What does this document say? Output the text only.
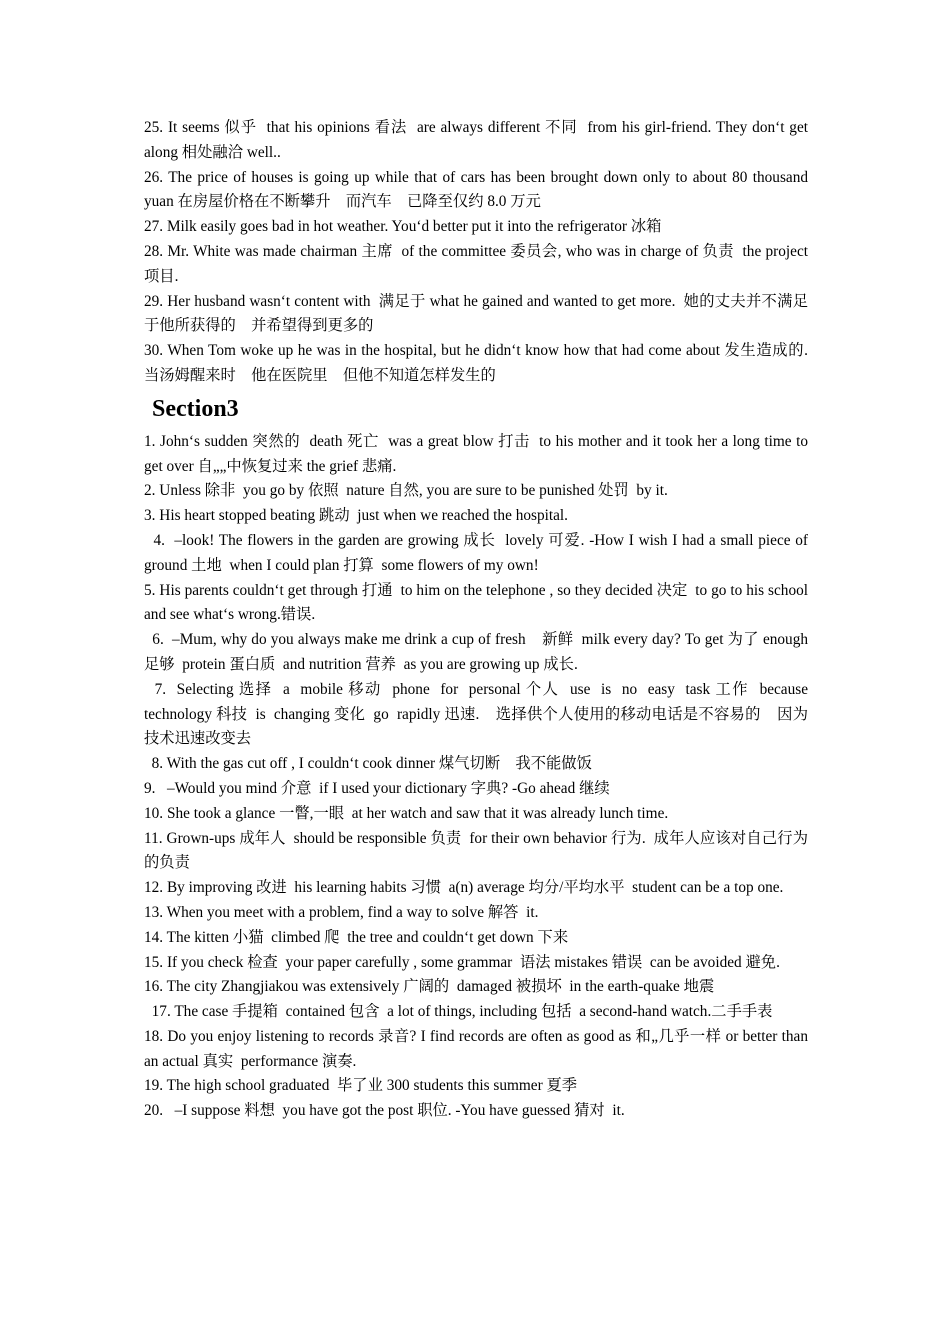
25. It seems 似乎  that his opinions 看法  are always different 不同  from his girl-friend. They don‘t get along 相处融洽 well..
26. The price of houses is going up while that of cars has been brought down only to about 80 thousand yuan 在房屋价格在不断攀升    而汽车    已降至仅约 8.0 万元
27. Milk easily goes bad in hot weather. You‘d better put it into the refrigerator 冰箱
28. Mr. White was made chairman 主席  of the committee 委员会, who was in charge of 负责  the project 项目.
29. Her husband wasn‘t content with  满足于 what he gained and wanted to get more.  她的丈夫并不满足于他所获得的    并希望得到更多的
30. When Tom woke up he was in the hospital, but he didn‘t know how that had come about 发生造成的. 当汤姆醒来时    他在医院里    但他不知道怎样发生的
Section3
1. John‘s sudden 突然的  death 死亡  was a great blow 打击  to his mother and it took her a long time to get over 自„„中恢复过来 the grief 悲痛.
2. Unless 除非  you go by 依照  nature 自然, you are sure to be punished 处罚  by it.
3. His heart stopped beating 跳动  just when we reached the hospital.
4.  –look! The flowers in the garden are growing 成长  lovely 可爱. -How I wish I had a small piece of ground 土地  when I could plan 打算  some flowers of my own!
5. His parents couldn‘t get through 打通  to him on the telephone , so they decided 决定  to go to his school and see what‘s wrong.错误.
6.  –Mum, why do you always make me drink a cup of fresh    新鲜  milk every day? To get 为了 enough 足够  protein 蛋白质  and nutrition 营养  as you are growing up 成长.
7.  Selecting 选择  a  mobile 移动  phone  for  personal 个人  use  is  no  easy  task 工作  because technology 科技  is  changing 变化  go  rapidly 迅速.    选择供个人使用的移动电话是不容易的    因为技术迅速改变去
8. With the gas cut off , I couldn‘t cook dinner 煤气切断    我不能做饭
9.   –Would you mind 介意  if I used your dictionary 字典? -Go ahead 继续
10. She took a glance 一瞥,一眼  at her watch and saw that it was already lunch time.
11. Grown-ups 成年人  should be responsible 负责  for their own behavior 行为.  成年人应该对自己行为的负责
12. By improving 改进  his learning habits 习惯  a(n) average 均分/平均水平  student can be a top one.
13. When you meet with a problem, find a way to solve 解答  it.
14. The kitten 小猫  climbed 爬  the tree and couldn‘t get down 下来
15. If you check 检查  your paper carefully , some grammar  语法 mistakes 错误  can be avoided 避免.
16. The city Zhangjiakou was extensively 广阔的  damaged 被损坏  in the earth-quake 地震
17. The case 手提箱  contained 包含  a lot of things, including 包括  a second-hand watch.二手手表
18. Do you enjoy listening to records 录音? I find records are often as good as 和„几乎一样 or better than an actual 真实  performance 演奏.
19. The high school graduated  毕了业 300 students this summer 夏季
20.   –I suppose 料想  you have got the post 职位. -You have guessed 猜对  it.
